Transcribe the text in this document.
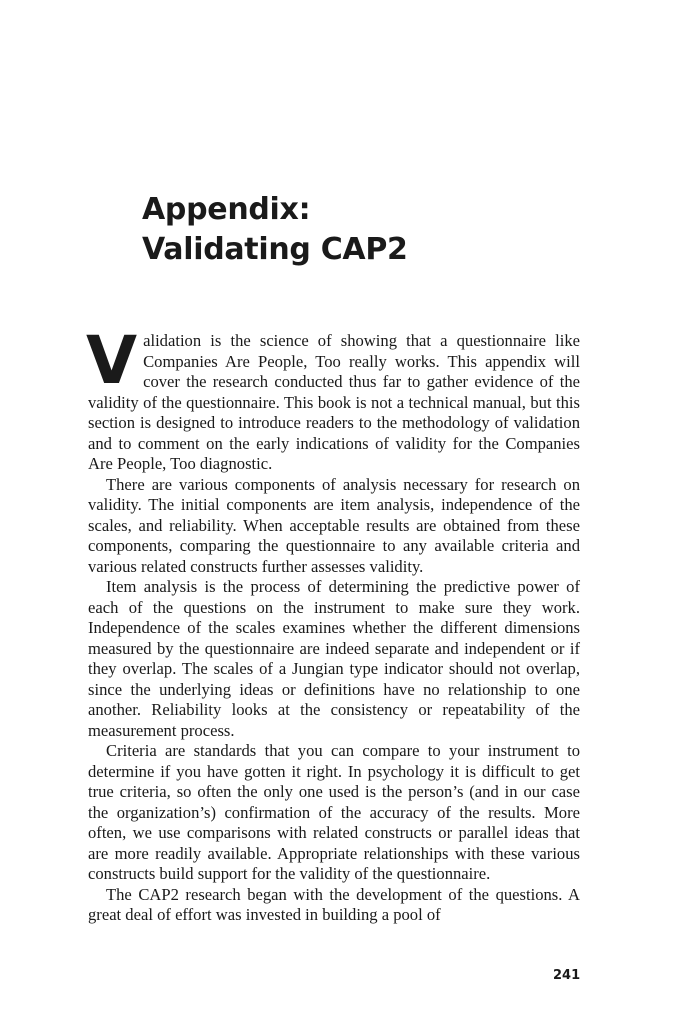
Appendix:
Validating CAP2

Validation is the science of showing that a questionnaire like Companies Are People, Too really works. This appendix will cover the research conducted thus far to gather evidence of the validity of the questionnaire. This book is not a technical manual, but this section is designed to introduce readers to the methodology of validation and to comment on the early indications of validity for the Companies Are People, Too diagnostic.

There are various components of analysis necessary for research on validity. The initial components are item analysis, independence of the scales, and reliability. When acceptable results are obtained from these components, comparing the questionnaire to any available criteria and various related constructs further assesses validity.

Item analysis is the process of determining the predictive power of each of the questions on the instrument to make sure they work. Independence of the scales examines whether the different dimensions measured by the questionnaire are indeed separate and independent or if they overlap. The scales of a Jungian type indicator should not overlap, since the underlying ideas or definitions have no relationship to one another. Reliability looks at the consistency or repeatability of the measurement process.

Criteria are standards that you can compare to your instrument to determine if you have gotten it right. In psychology it is difficult to get true criteria, so often the only one used is the person’s (and in our case the organization’s) confirmation of the accuracy of the results. More often, we use comparisons with related constructs or parallel ideas that are more readily available. Appropriate relationships with these various constructs build support for the validity of the questionnaire.

The CAP2 research began with the development of the questions. A great deal of effort was invested in building a pool of

241
